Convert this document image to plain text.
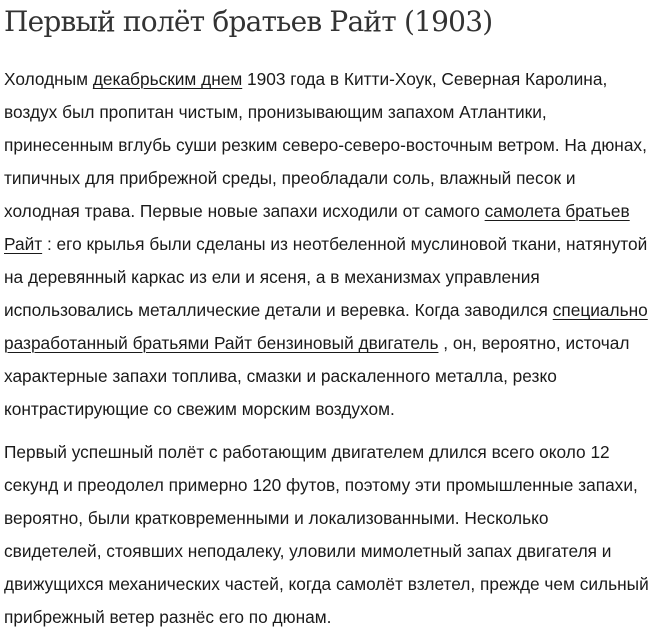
Первый полёт братьев Райт (1903)

Холодным декабрьским днем 1903 года в Китти-Хоук, Северная Каролина, воздух был пропитан чистым, пронизывающим запахом Атлантики, принесенным вглубь суши резким северо-северо-восточным ветром. На дюнах, типичных для прибрежной среды, преобладали соль, влажный песок и холодная трава. Первые новые запахи исходили от самого самолета братьев Райт : его крылья были сделаны из неотбеленной муслиновой ткани, натянутой на деревянный каркас из ели и ясеня, а в механизмах управления использовались металлические детали и веревка. Когда заводился специально разработанный братьями Райт бензиновый двигатель , он, вероятно, источал характерные запахи топлива, смазки и раскаленного металла, резко контрастирующие со свежим морским воздухом.

Первый успешный полёт с работающим двигателем длился всего около 12 секунд и преодолел примерно 120 футов, поэтому эти промышленные запахи, вероятно, были кратковременными и локализованными. Несколько свидетелей, стоявших неподалеку, уловили мимолетный запах двигателя и движущихся механических частей, когда самолёт взлетел, прежде чем сильный прибрежный ветер разнёс его по дюнам.
